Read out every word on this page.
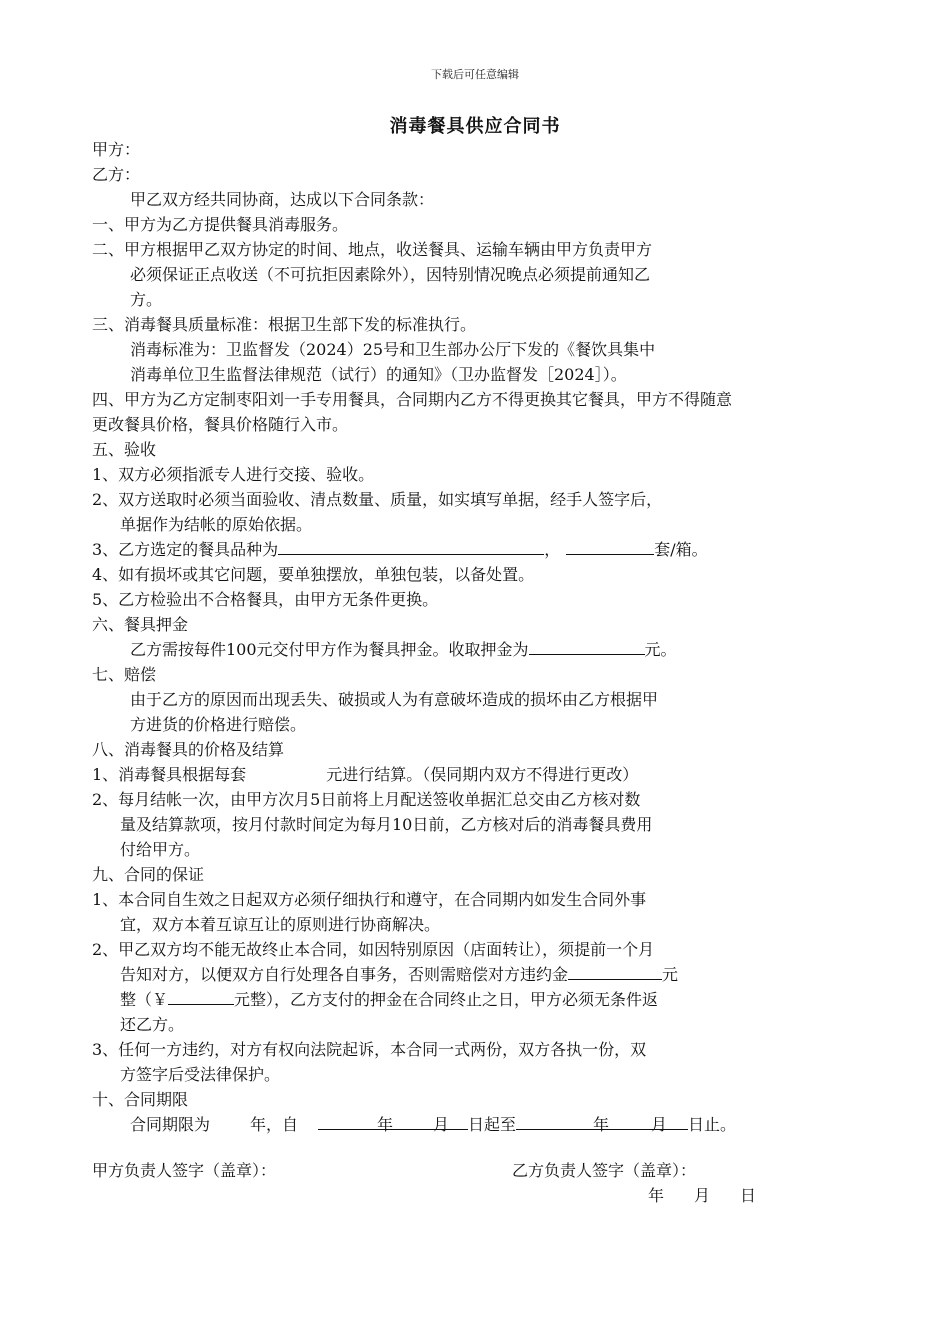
下载后可任意编辑
消毒餐具供应合同书
甲方：
乙方：
甲乙双方经共同协商，达成以下合同条款：
一、甲方为乙方提供餐具消毒服务。
二、甲方根据甲乙双方协定的时间、地点，收送餐具、运输车辆由甲方负责甲方
必须保证正点收送（不可抗拒因素除外），因特别情况晚点必须提前通知乙
方。
三、消毒餐具质量标准：根据卫生部下发的标准执行。
消毒标准为：卫监督发（2024）25号和卫生部办公厅下发的《餐饮具集中
消毒单位卫生监督法律规范（试行）的通知》（卫办监督发［2024］）。
四、甲方为乙方定制枣阳刘一手专用餐具，合同期内乙方不得更换其它餐具，甲方不得随意
更改餐具价格，餐具价格随行入市。
五、验收
1、双方必须指派专人进行交接、验收。
2、双方送取时必须当面验收、清点数量、质量，如实填写单据，经手人签字后，
单据作为结帐的原始依据。
3、乙方选定的餐具品种为	，	套/箱。
4、如有损坏或其它问题，要单独摆放，单独包装，以备处置。
5、乙方检验出不合格餐具，由甲方无条件更换。
六、餐具押金
乙方需按每件100元交付甲方作为餐具押金。收取押金为	元。
七、赔偿
由于乙方的原因而出现丢失、破损或人为有意破坏造成的损坏由乙方根据甲
方进货的价格进行赔偿。
八、消毒餐具的价格及结算
1、消毒餐具根据每套	元进行结算。（俣同期内双方不得进行更改）
2、每月结帐一次，由甲方次月5日前将上月配送签收单据汇总交由乙方核对数
量及结算款项，按月付款时间定为每月10日前，乙方核对后的消毒餐具费用
付给甲方。
九、合同的保证
1、本合同自生效之日起双方必须仔细执行和遵守，在合同期内如发生合同外事
宜，双方本着互谅互让的原则进行协商解决。
2、甲乙双方均不能无故终止本合同，如因特别原因（店面转让），须提前一个月
告知对方，以便双方自行处理各自事务，否则需赔偿对方违约金	元
整（￥	元整），乙方支付的押金在合同终止之日，甲方必须无条件返
还乙方。
3、任何一方违约，对方有权向法院起诉，本合同一式两份，双方各执一份，双
方签字后受法律保护。
十、合同期限
合同期限为	年，自	年	月 日起至	年	月 日止。
甲方负责人签字（盖章）：	乙方负责人签字（盖章）：
年 月 日
